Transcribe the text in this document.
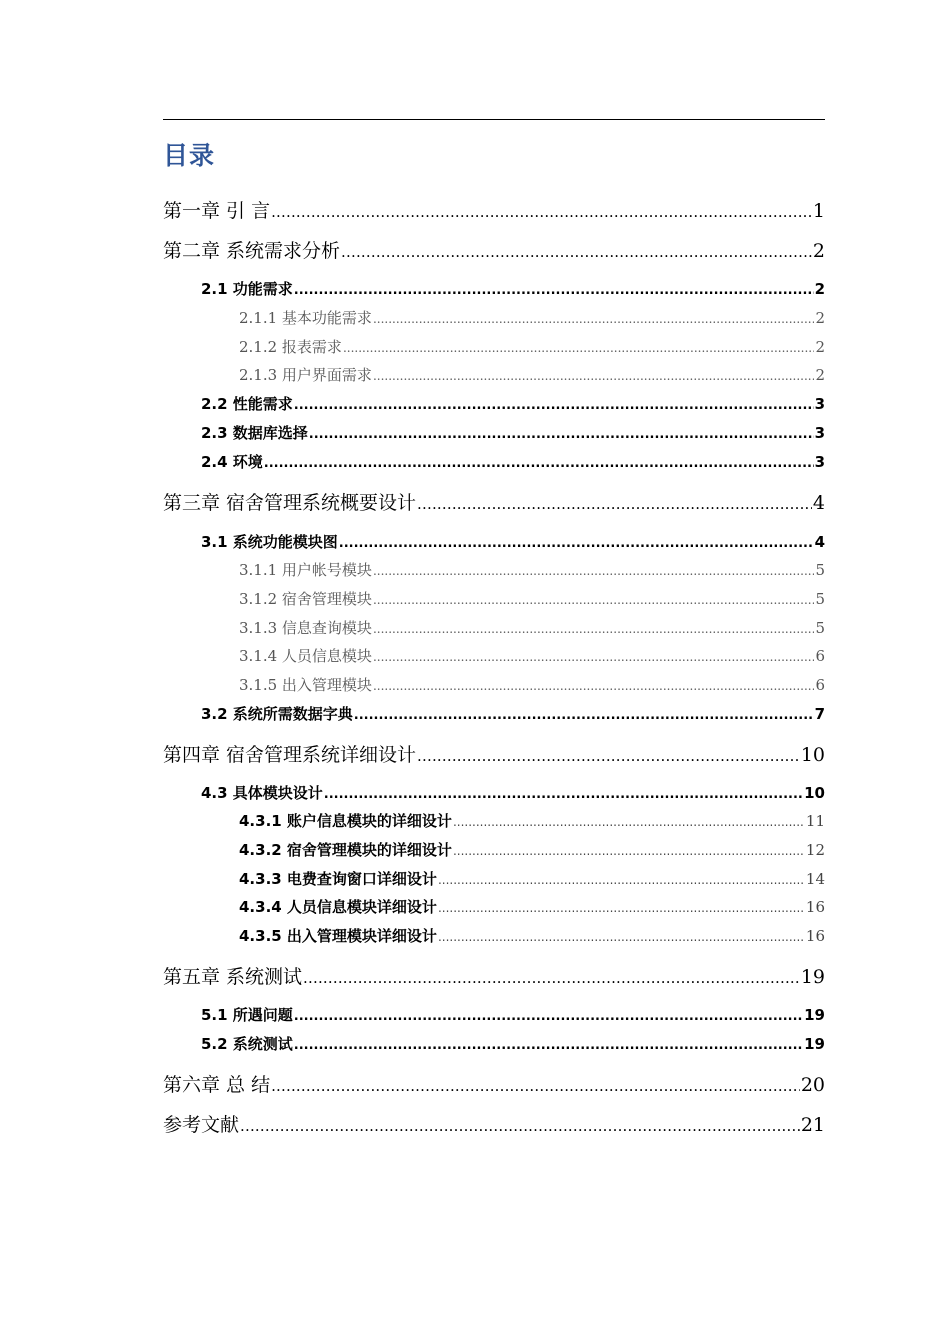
目录
第一章 引 言 .....	1
第二章 系统需求分析 .....	2
2.1 功能需求 .....	2
2.1.1 基本功能需求 .....	2
2.1.2 报表需求 .....	2
2.1.3 用户界面需求 .....	2
2.2 性能需求 .....	3
2.3 数据库选择 .....	3
2.4 环境 .....	3
第三章 宿舍管理系统概要设计 .....	4
3.1 系统功能模块图 .....	4
3.1.1 用户帐号模块 .....	5
3.1.2 宿舍管理模块 .....	5
3.1.3 信息查询模块 .....	5
3.1.4 人员信息模块 .....	6
3.1.5 出入管理模块 .....	6
3.2 系统所需数据字典 .....	7
第四章 宿舍管理系统详细设计 .....	10
4.3 具体模块设计 .....	10
4.3.1 账户信息模块的详细设计 .....	11
4.3.2 宿舍管理模块的详细设计 .....	12
4.3.3 电费查询窗口详细设计 .....	14
4.3.4 人员信息模块详细设计 .....	16
4.3.5 出入管理模块详细设计 .....	16
第五章 系统测试 .....	19
5.1 所遇问题 .....	19
5.2 系统测试 .....	19
第六章 总 结 .....	20
参考文献 .....	21
